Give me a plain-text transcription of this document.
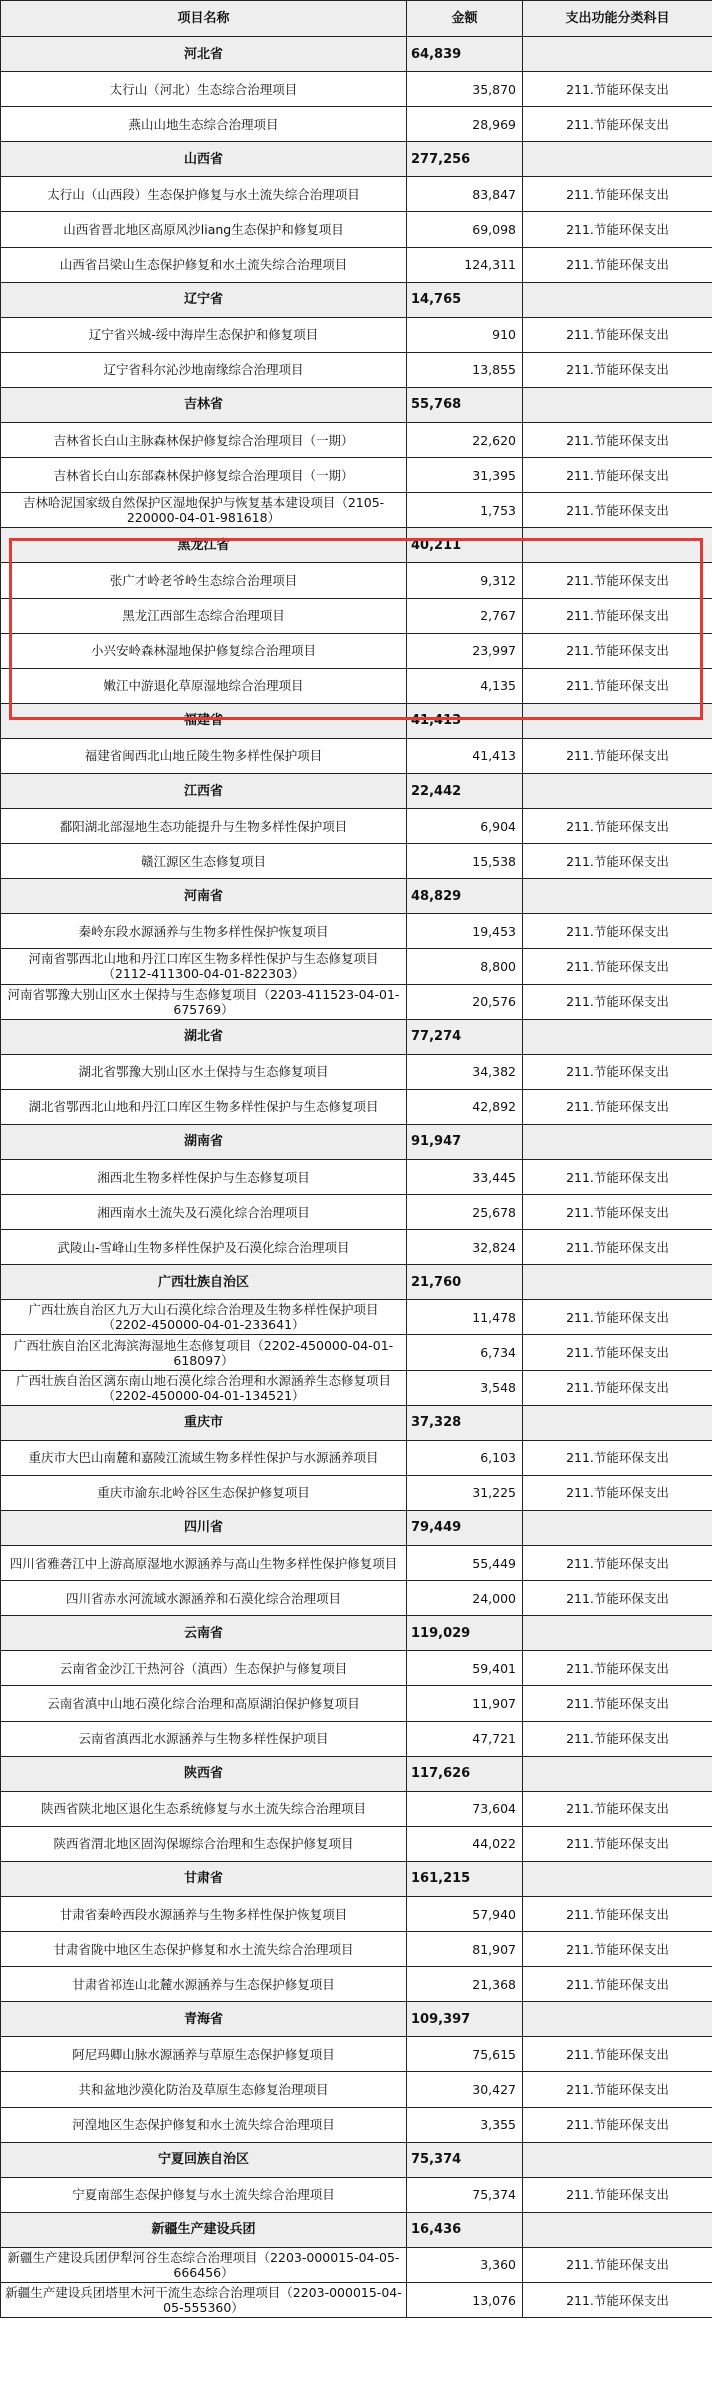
项目名称	金额	支出功能分类科目
河北省	64,839	
太行山（河北）生态综合治理项目	35,870	211.节能环保支出
燕山山地生态综合治理项目	28,969	211.节能环保支出
山西省	277,256	
太行山（山西段）生态保护修复与水土流失综合治理项目	83,847	211.节能环保支出
山西省晋北地区高原风沙liang生态保护和修复项目	69,098	211.节能环保支出
山西省吕梁山生态保护修复和水土流失综合治理项目	124,311	211.节能环保支出
辽宁省	14,765	
辽宁省兴城-绥中海岸生态保护和修复项目	910	211.节能环保支出
辽宁省科尔沁沙地南缘综合治理项目	13,855	211.节能环保支出
吉林省	55,768	
吉林省长白山主脉森林保护修复综合治理项目（一期）	22,620	211.节能环保支出
吉林省长白山东部森林保护修复综合治理项目（一期）	31,395	211.节能环保支出
吉林哈泥国家级自然保护区湿地保护与恢复基本建设项目（2105-220000-04-01-981618）	1,753	211.节能环保支出
黑龙江省	40,211	
张广才岭老爷岭生态综合治理项目	9,312	211.节能环保支出
黑龙江西部生态综合治理项目	2,767	211.节能环保支出
小兴安岭森林湿地保护修复综合治理项目	23,997	211.节能环保支出
嫩江中游退化草原湿地综合治理项目	4,135	211.节能环保支出
福建省	41,413	
福建省闽西北山地丘陵生物多样性保护项目	41,413	211.节能环保支出
江西省	22,442	
鄱阳湖北部湿地生态功能提升与生物多样性保护项目	6,904	211.节能环保支出
赣江源区生态修复项目	15,538	211.节能环保支出
河南省	48,829	
秦岭东段水源涵养与生物多样性保护恢复项目	19,453	211.节能环保支出
河南省鄂西北山地和丹江口库区生物多样性保护与生态修复项目（2112-411300-04-01-822303）	8,800	211.节能环保支出
河南省鄂豫大别山区水土保持与生态修复项目（2203-411523-04-01-675769）	20,576	211.节能环保支出
湖北省	77,274	
湖北省鄂豫大别山区水土保持与生态修复项目	34,382	211.节能环保支出
湖北省鄂西北山地和丹江口库区生物多样性保护与生态修复项目	42,892	211.节能环保支出
湖南省	91,947	
湘西北生物多样性保护与生态修复项目	33,445	211.节能环保支出
湘西南水土流失及石漠化综合治理项目	25,678	211.节能环保支出
武陵山-雪峰山生物多样性保护及石漠化综合治理项目	32,824	211.节能环保支出
广西壮族自治区	21,760	
广西壮族自治区九万大山石漠化综合治理及生物多样性保护项目（2202-450000-04-01-233641）	11,478	211.节能环保支出
广西壮族自治区北海滨海湿地生态修复项目（2202-450000-04-01-618097）	6,734	211.节能环保支出
广西壮族自治区漓东南山地石漠化综合治理和水源涵养生态修复项目（2202-450000-04-01-134521）	3,548	211.节能环保支出
重庆市	37,328	
重庆市大巴山南麓和嘉陵江流域生物多样性保护与水源涵养项目	6,103	211.节能环保支出
重庆市渝东北岭谷区生态保护修复项目	31,225	211.节能环保支出
四川省	79,449	
四川省雅砻江中上游高原湿地水源涵养与高山生物多样性保护修复项目	55,449	211.节能环保支出
四川省赤水河流域水源涵养和石漠化综合治理项目	24,000	211.节能环保支出
云南省	119,029	
云南省金沙江干热河谷（滇西）生态保护与修复项目	59,401	211.节能环保支出
云南省滇中山地石漠化综合治理和高原湖泊保护修复项目	11,907	211.节能环保支出
云南省滇西北水源涵养与生物多样性保护项目	47,721	211.节能环保支出
陕西省	117,626	
陕西省陕北地区退化生态系统修复与水土流失综合治理项目	73,604	211.节能环保支出
陕西省渭北地区固沟保塬综合治理和生态保护修复项目	44,022	211.节能环保支出
甘肃省	161,215	
甘肃省秦岭西段水源涵养与生物多样性保护恢复项目	57,940	211.节能环保支出
甘肃省陇中地区生态保护修复和水土流失综合治理项目	81,907	211.节能环保支出
甘肃省祁连山北麓水源涵养与生态保护修复项目	21,368	211.节能环保支出
青海省	109,397	
阿尼玛卿山脉水源涵养与草原生态保护修复项目	75,615	211.节能环保支出
共和盆地沙漠化防治及草原生态修复治理项目	30,427	211.节能环保支出
河湟地区生态保护修复和水土流失综合治理项目	3,355	211.节能环保支出
宁夏回族自治区	75,374	
宁夏南部生态保护修复与水土流失综合治理项目	75,374	211.节能环保支出
新疆生产建设兵团	16,436	
新疆生产建设兵团伊犁河谷生态综合治理项目（2203-000015-04-05-666456）	3,360	211.节能环保支出
新疆生产建设兵团塔里木河干流生态综合治理项目（2203-000015-04-05-555360）	13,076	211.节能环保支出
